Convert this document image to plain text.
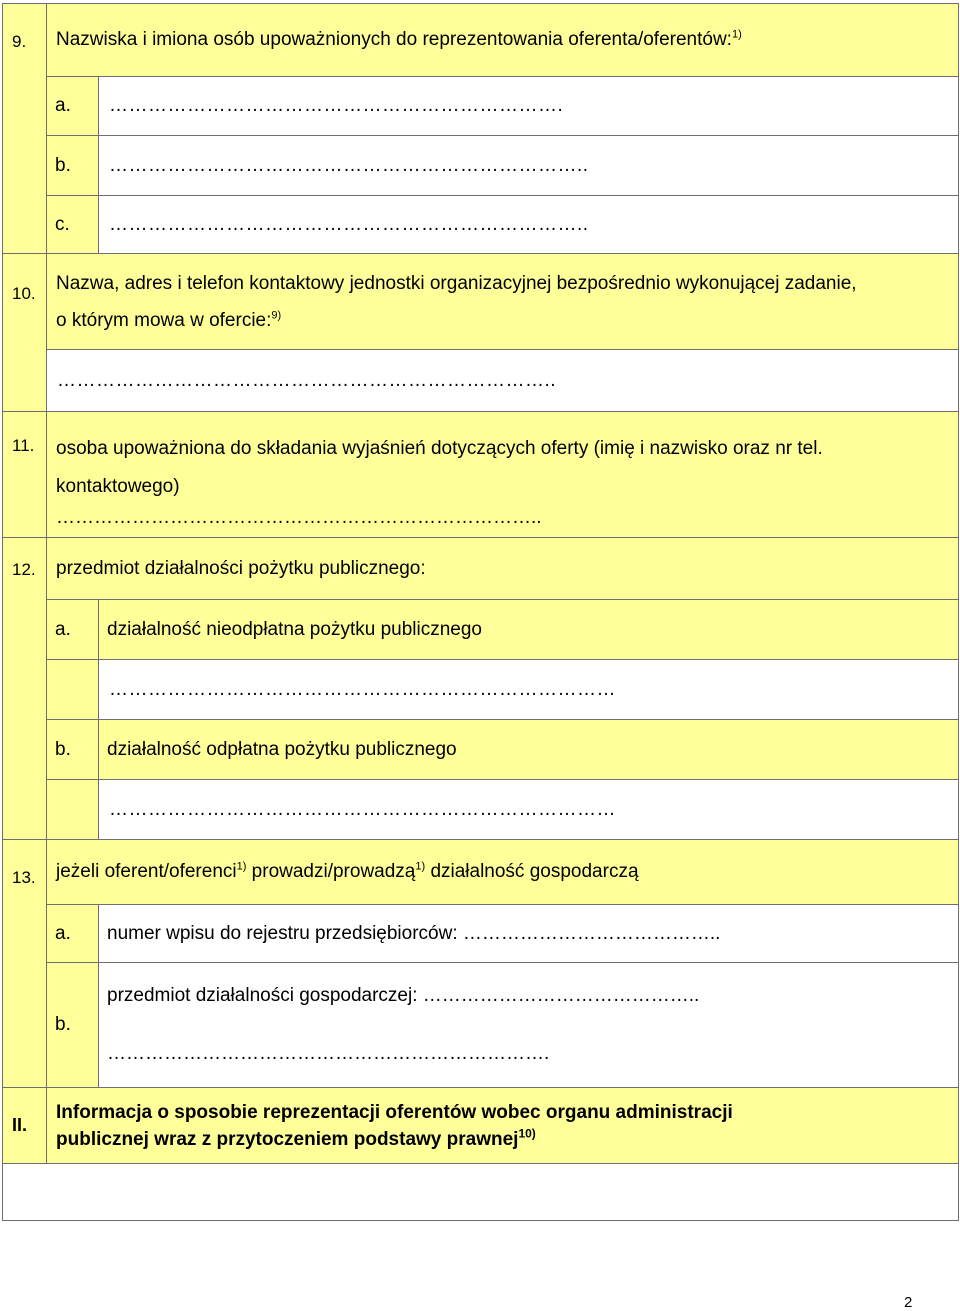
9.	Nazwiska i imiona osób upoważnionych do reprezentowania oferenta/oferentów:$^{1)}$
	a.	…………………………………………………………….
	b.	………………………………………………………………..
	c.	………………………………………………………………..
10.	Nazwa, adres i telefon kontaktowy jednostki organizacyjnej bezpośrednio wykonującej zadanie,
o którym mowa w ofercie:$^{9)}$
	…………………………………………………………………..	
11.	osoba upoważniona do składania wyjaśnień dotyczących oferty (imię i nazwisko oraz nr tel.
kontaktowego)
…………………………………………………………………..	

12.	przedmiot działalności pożytku publicznego:	
	a.	działalność nieodpłatna pożytku publicznego
		……………………………………………………………………
	b.	działalność odpłatna pożytku publicznego
		……………………………………………………………………
13.	jeżeli oferent/oferenci$^{1)}$ prowadzi/prowadzą$^{1)}$ działalność gospodarczą	
	a.	numer wpisu do rejestru przedsiębiorców: …………………………………..
	b.	przedmiot działalności gospodarczej: ……………………………………..
…………………………………………………………….

II.	Informacja o sposobie reprezentacji oferentów wobec organu administracji
publicznej wraz z przytoczeniem podstawy prawnej$^{10)}$

2
